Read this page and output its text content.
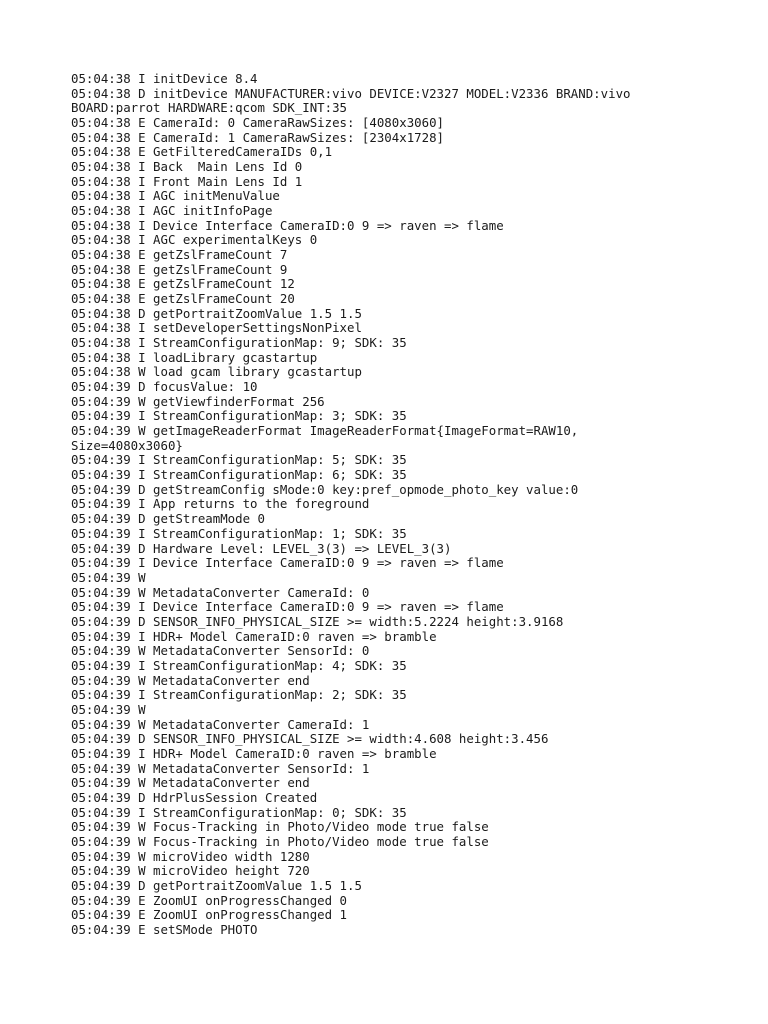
05:04:38 I initDevice 8.4
05:04:38 D initDevice MANUFACTURER:vivo DEVICE:V2327 MODEL:V2336 BRAND:vivo
BOARD:parrot HARDWARE:qcom SDK_INT:35
05:04:38 E CameraId: 0 CameraRawSizes: [4080x3060]
05:04:38 E CameraId: 1 CameraRawSizes: [2304x1728]
05:04:38 E GetFilteredCameraIDs 0,1
05:04:38 I Back  Main Lens Id 0
05:04:38 I Front Main Lens Id 1
05:04:38 I AGC initMenuValue
05:04:38 I AGC initInfoPage
05:04:38 I Device Interface CameraID:0 9 => raven => flame
05:04:38 I AGC experimentalKeys 0
05:04:38 E getZslFrameCount 7
05:04:38 E getZslFrameCount 9
05:04:38 E getZslFrameCount 12
05:04:38 E getZslFrameCount 20
05:04:38 D getPortraitZoomValue 1.5 1.5
05:04:38 I setDeveloperSettingsNonPixel
05:04:38 I StreamConfigurationMap: 9; SDK: 35
05:04:38 I loadLibrary gcastartup
05:04:38 W load gcam library gcastartup
05:04:39 D focusValue: 10
05:04:39 W getViewfinderFormat 256
05:04:39 I StreamConfigurationMap: 3; SDK: 35
05:04:39 W getImageReaderFormat ImageReaderFormat{ImageFormat=RAW10,
Size=4080x3060}
05:04:39 I StreamConfigurationMap: 5; SDK: 35
05:04:39 I StreamConfigurationMap: 6; SDK: 35
05:04:39 D getStreamConfig sMode:0 key:pref_opmode_photo_key value:0
05:04:39 I App returns to the foreground
05:04:39 D getStreamMode 0
05:04:39 I StreamConfigurationMap: 1; SDK: 35
05:04:39 D Hardware Level: LEVEL_3(3) => LEVEL_3(3)
05:04:39 I Device Interface CameraID:0 9 => raven => flame
05:04:39 W
05:04:39 W MetadataConverter CameraId: 0
05:04:39 I Device Interface CameraID:0 9 => raven => flame
05:04:39 D SENSOR_INFO_PHYSICAL_SIZE >= width:5.2224 height:3.9168
05:04:39 I HDR+ Model CameraID:0 raven => bramble
05:04:39 W MetadataConverter SensorId: 0
05:04:39 I StreamConfigurationMap: 4; SDK: 35
05:04:39 W MetadataConverter end
05:04:39 I StreamConfigurationMap: 2; SDK: 35
05:04:39 W
05:04:39 W MetadataConverter CameraId: 1
05:04:39 D SENSOR_INFO_PHYSICAL_SIZE >= width:4.608 height:3.456
05:04:39 I HDR+ Model CameraID:0 raven => bramble
05:04:39 W MetadataConverter SensorId: 1
05:04:39 W MetadataConverter end
05:04:39 D HdrPlusSession Created
05:04:39 I StreamConfigurationMap: 0; SDK: 35
05:04:39 W Focus-Tracking in Photo/Video mode true false
05:04:39 W Focus-Tracking in Photo/Video mode true false
05:04:39 W microVideo width 1280
05:04:39 W microVideo height 720
05:04:39 D getPortraitZoomValue 1.5 1.5
05:04:39 E ZoomUI onProgressChanged 0
05:04:39 E ZoomUI onProgressChanged 1
05:04:39 E setSMode PHOTO
